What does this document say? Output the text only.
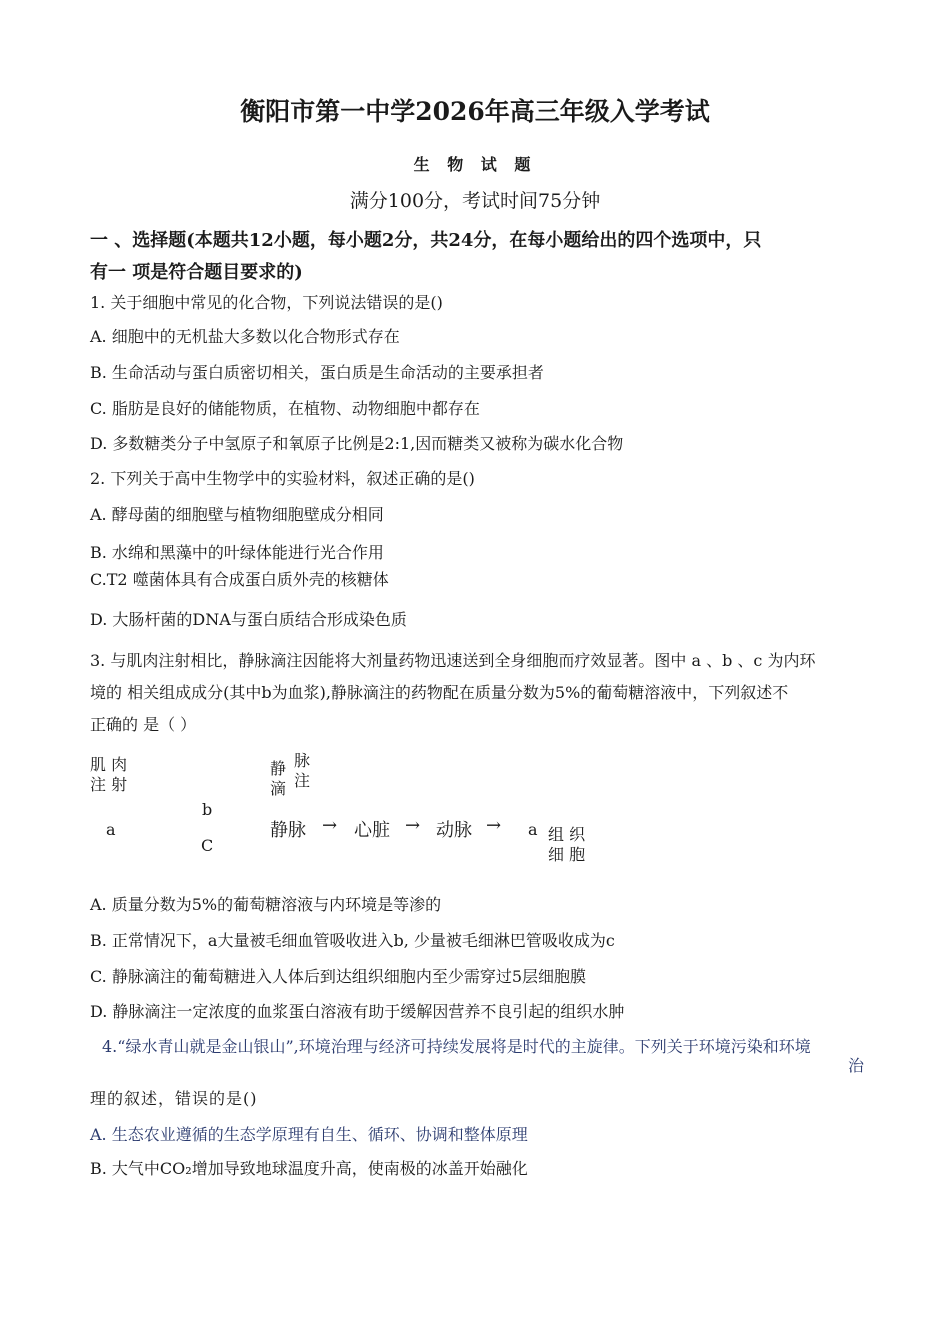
衡阳市第一中学2026年高三年级入学考试
生 物 试 题
满分100分，考试时间75分钟
一 、选择题(本题共12小题，每小题2分，共24分，在每小题给出的四个选项中，只
有一 项是符合题目要求的)
1. 关于细胞中常见的化合物，下列说法错误的是()
A. 细胞中的无机盐大多数以化合物形式存在
B. 生命活动与蛋白质密切相关，蛋白质是生命活动的主要承担者
C. 脂肪是良好的储能物质，在植物、动物细胞中都存在
D. 多数糖类分子中氢原子和氧原子比例是2:1,因而糖类又被称为碳水化合物
2. 下列关于高中生物学中的实验材料，叙述正确的是()
A. 酵母菌的细胞壁与植物细胞壁成分相同
B. 水绵和黑藻中的叶绿体能进行光合作用
C.T2 噬菌体具有合成蛋白质外壳的核糖体
D. 大肠杆菌的DNA与蛋白质结合形成染色质
3. 与肌肉注射相比，静脉滴注因能将大剂量药物迅速送到全身细胞而疗效显著。图中 a 、b 、c 为内环
境的 相关组成成分(其中b为血浆),静脉滴注的药物配在质量分数为5%的葡萄糖溶液中，下列叙述不
正确的 是（ ）
肌 肉
注 射
静 脉
滴 注
a
b
C
静脉 → 心脏 → 动脉 → a 组 织
细 胞
A. 质量分数为5%的葡萄糖溶液与内环境是等渗的
B. 正常情况下，a大量被毛细血管吸收进入b, 少量被毛细淋巴管吸收成为c
C. 静脉滴注的葡萄糖进入人体后到达组织细胞内至少需穿过5层细胞膜
D. 静脉滴注一定浓度的血浆蛋白溶液有助于缓解因营养不良引起的组织水肿
4.“绿水青山就是金山银山”,环境治理与经济可持续发展将是时代的主旋律。下列关于环境污染和环境
治
理的叙述，错误的是()
A. 生态农业遵循的生态学原理有自生、循环、协调和整体原理
B. 大气中CO₂增加导致地球温度升高，使南极的冰盖开始融化
